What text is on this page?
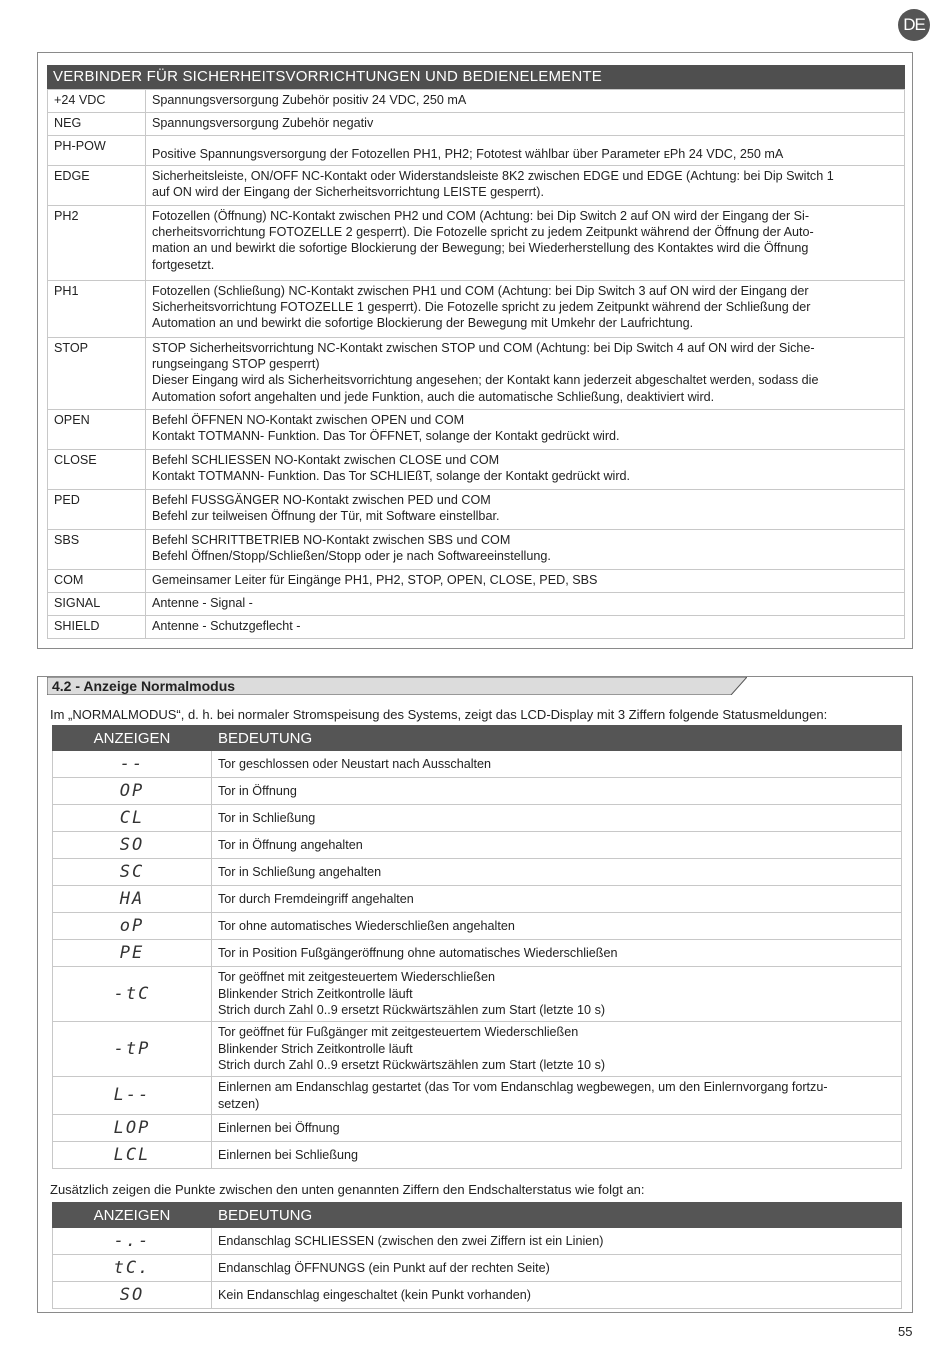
DE
VERBINDER FÜR SICHERHEITSVORRICHTUNGEN UND BEDIENELEMENTE
+24 VDC	Spannungsversorgung Zubehör positiv 24 VDC, 250 mA

NEG	Spannungsversorgung Zubehör negativ

PH-POW	Positive Spannungsversorgung der Fotozellen PH1, PH2; Fototest wählbar über Parameter ᴇPh 24 VDC, 250 mA

EDGE	Sicherheitsleiste, ON/OFF NC-Kontakt oder Widerstandsleiste 8K2 zwischen EDGE und EDGE (Achtung: bei Dip Switch 1
auf ON wird der Eingang der Sicherheitsvorrichtung LEISTE gesperrt).

PH2	Fotozellen (Öffnung) NC-Kontakt zwischen PH2 und COM (Achtung: bei Dip Switch 2 auf ON wird der Eingang der Si-
cherheitsvorrichtung FOTOZELLE 2 gesperrt). Die Fotozelle spricht zu jedem Zeitpunkt während der Öffnung der Auto-
mation an und bewirkt die sofortige Blockierung der Bewegung; bei Wiederherstellung des Kontaktes wird die Öffnung
fortgesetzt.

PH1	Fotozellen (Schließung) NC-Kontakt zwischen PH1 und COM (Achtung: bei Dip Switch 3 auf ON wird der Eingang der
Sicherheitsvorrichtung FOTOZELLE 1 gesperrt). Die Fotozelle spricht zu jedem Zeitpunkt während der Schließung der
Automation an und bewirkt die sofortige Blockierung der Bewegung mit Umkehr der Laufrichtung.

STOP	STOP Sicherheitsvorrichtung NC-Kontakt zwischen STOP und COM (Achtung: bei Dip Switch 4 auf ON wird der Siche-
rungseingang STOP gesperrt)
Dieser Eingang wird als Sicherheitsvorrichtung angesehen; der Kontakt kann jederzeit abgeschaltet werden, sodass die
Automation sofort angehalten und jede Funktion, auch die automatische Schließung, deaktiviert wird.

OPEN	Befehl ÖFFNEN NO-Kontakt zwischen OPEN und COM
Kontakt TOTMANN- Funktion. Das Tor ÖFFNET, solange der Kontakt gedrückt wird.

CLOSE	Befehl SCHLIESSEN NO-Kontakt zwischen CLOSE und COM
Kontakt TOTMANN- Funktion. Das Tor SCHLIEßT, solange der Kontakt gedrückt wird.

PED	Befehl FUSSGÄNGER NO-Kontakt zwischen PED und COM
Befehl zur teilweisen Öffnung der Tür, mit Software einstellbar.

SBS	Befehl SCHRITTBETRIEB NO-Kontakt zwischen SBS und COM
Befehl Öffnen/Stopp/Schließen/Stopp oder je nach Softwareeinstellung.

COM	Gemeinsamer Leiter für Eingänge PH1, PH2, STOP, OPEN, CLOSE, PED, SBS

SIGNAL	Antenne - Signal -

SHIELD	Antenne - Schutzgeflecht -
4.2 - Anzeige Normalmodus
Im „NORMALMODUS“, d. h. bei normaler Stromspeisung des Systems, zeigt das LCD-Display mit 3 Ziffern folgende Statusmeldungen:
ANZEIGEN	BEDEUTUNG
--	Tor geschlossen oder Neustart nach Ausschalten

OP	Tor in Öffnung

CL	Tor in Schließung

SO	Tor in Öffnung angehalten

SC	Tor in Schließung angehalten

HA	Tor durch Fremdeingriff angehalten

oP	Tor ohne automatisches Wiederschließen angehalten

PE	Tor in Position Fußgängeröffnung ohne automatisches Wiederschließen

-tC	Tor geöffnet mit zeitgesteuertem Wiederschließen
Blinkender Strich Zeitkontrolle läuft
Strich durch Zahl 0..9 ersetzt Rückwärtszählen zum Start (letzte 10 s)

-tP	Tor geöffnet für Fußgänger mit zeitgesteuertem Wiederschließen
Blinkender Strich Zeitkontrolle läuft
Strich durch Zahl 0..9 ersetzt Rückwärtszählen zum Start (letzte 10 s)

L--	Einlernen am Endanschlag gestartet (das Tor vom Endanschlag wegbewegen, um den Einlernvorgang fortzu-
setzen)

LOP	Einlernen bei Öffnung

LCL	Einlernen bei Schließung
Zusätzlich zeigen die Punkte zwischen den unten genannten Ziffern den Endschalterstatus wie folgt an:
ANZEIGEN	BEDEUTUNG
-.-	Endanschlag SCHLIESSEN (zwischen den zwei Ziffern ist ein Linien)

tC.	Endanschlag ÖFFNUNGS (ein Punkt auf der rechten Seite)

SO	Kein Endanschlag eingeschaltet (kein Punkt vorhanden)
55
